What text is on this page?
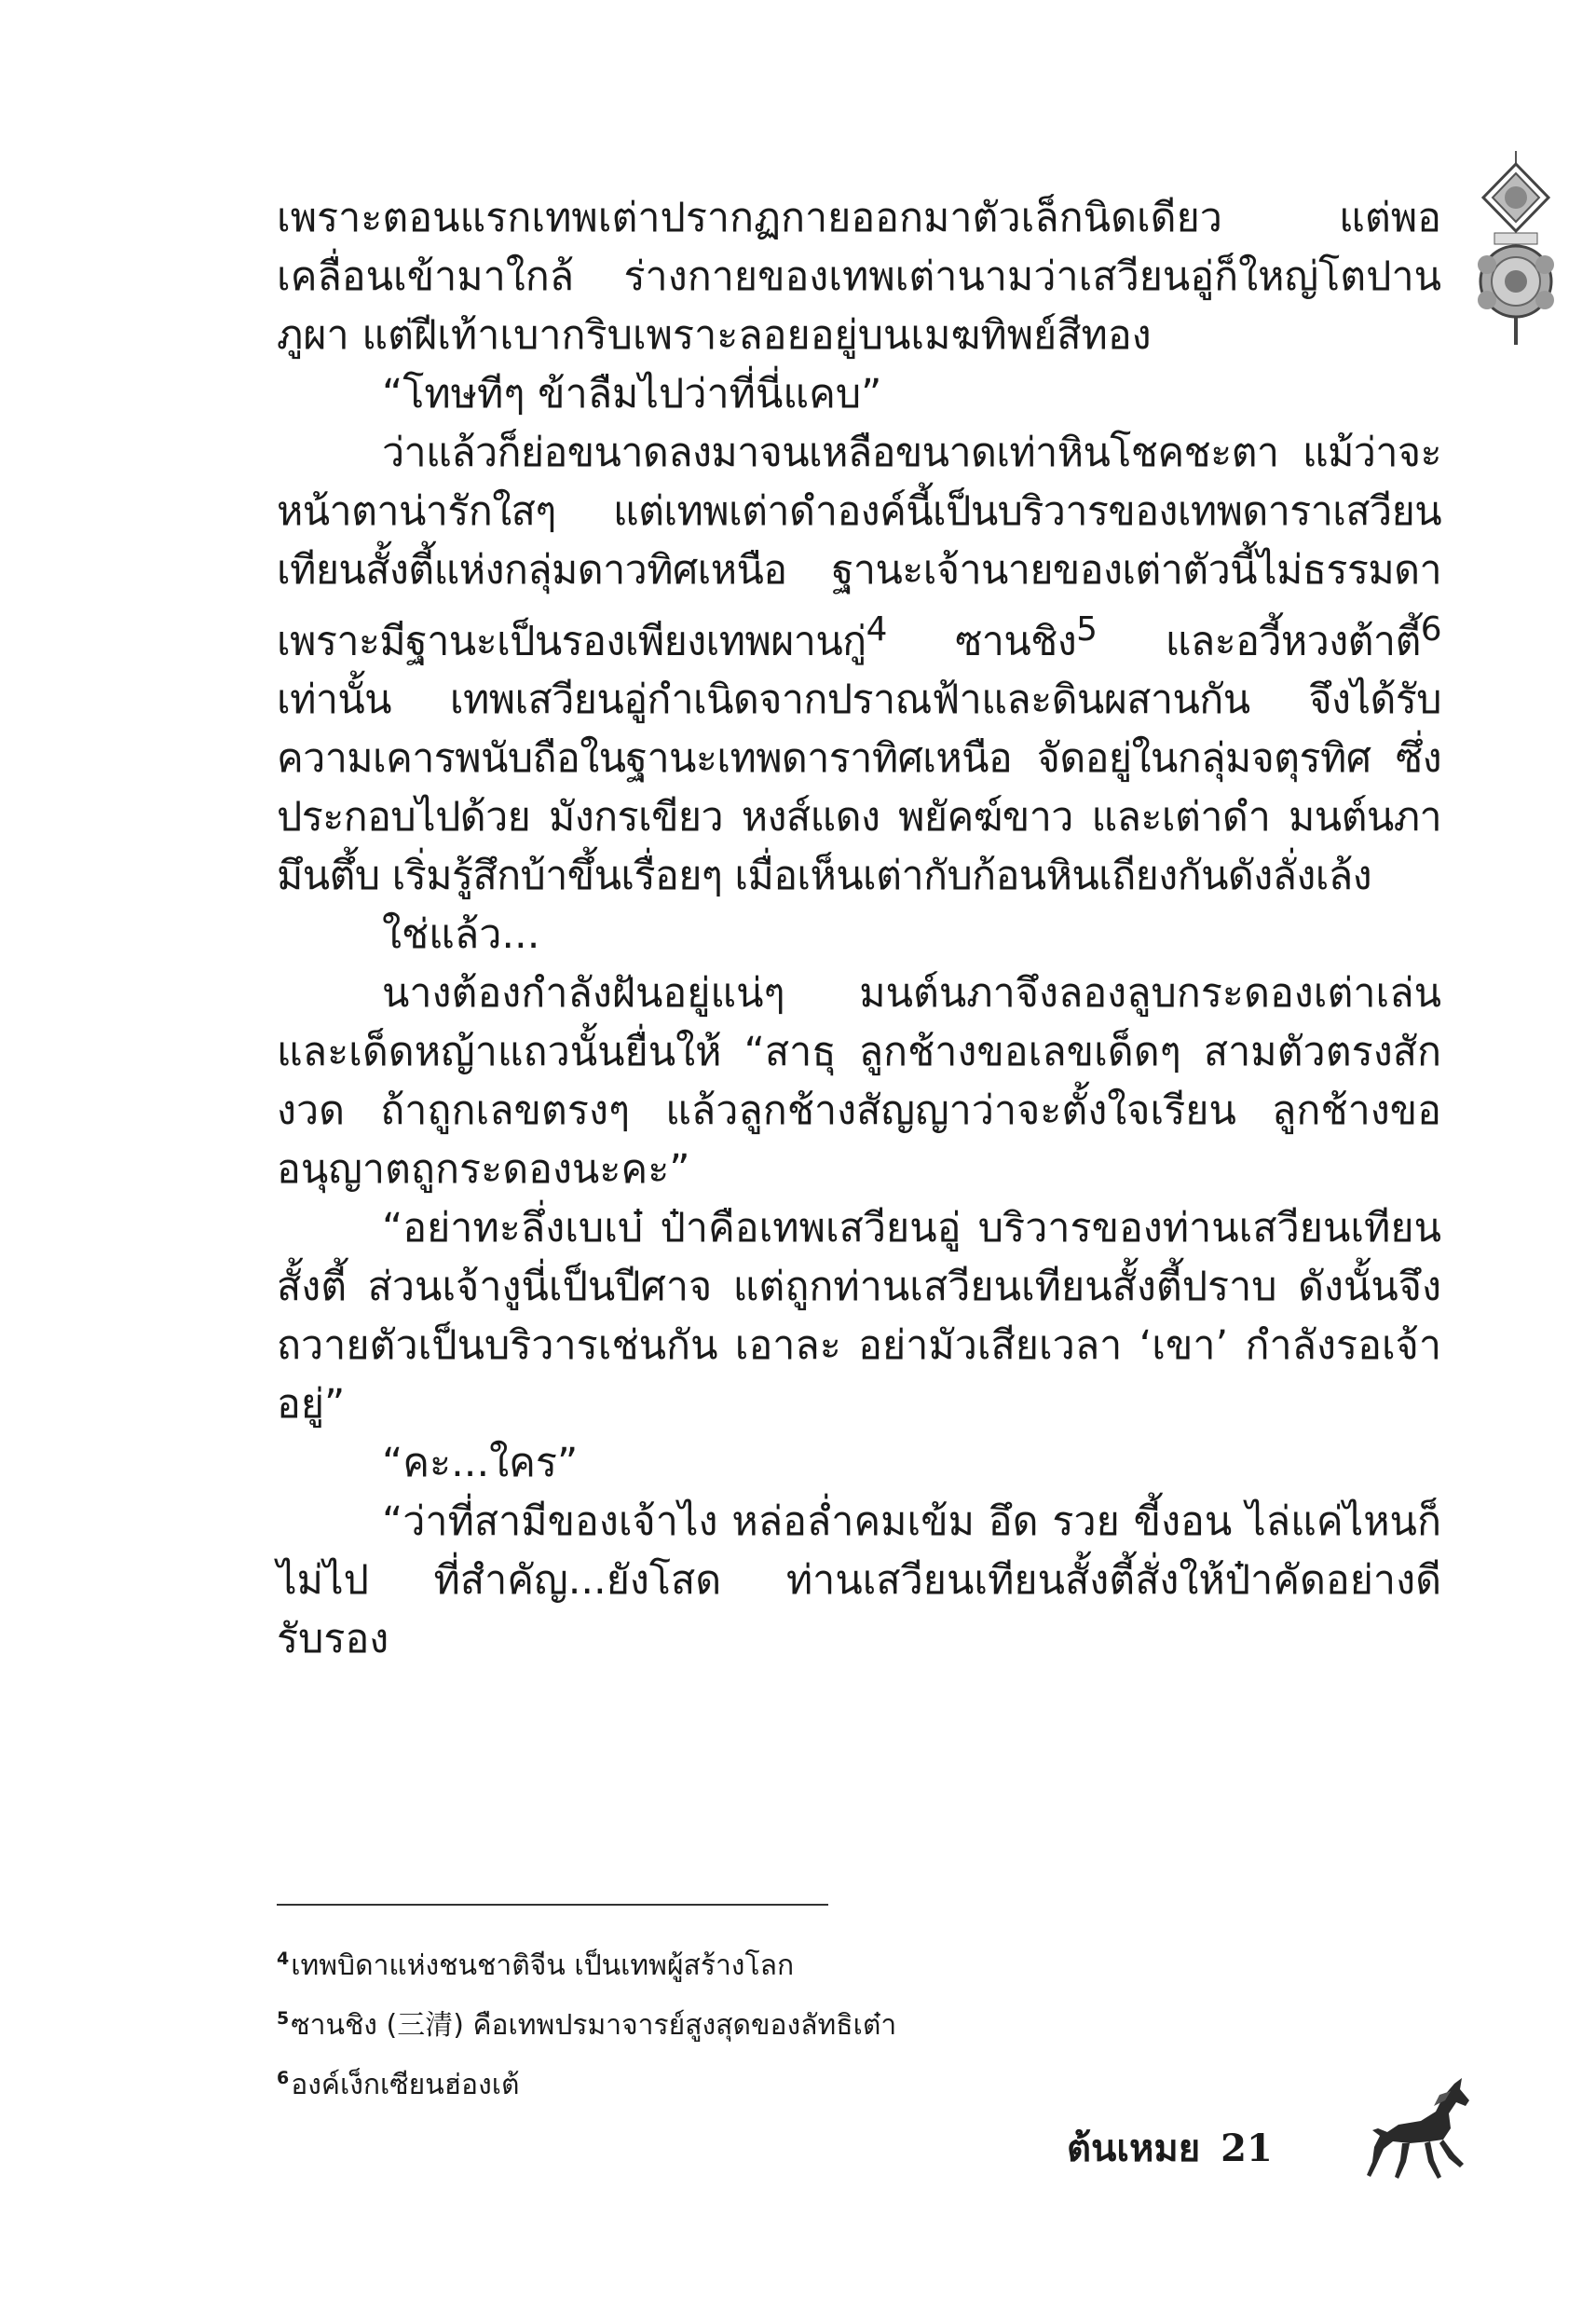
เพราะตอนแรกเทพเต่าปรากฏกายออกมาตัวเล็กนิดเดียว แต่พอเคลื่อนเข้ามาใกล้ ร่างกายของเทพเต่านามว่าเสวียนอู่ก็ใหญ่โตปานภูผา แต่ฝีเท้าเบากริบเพราะลอยอยู่บนเมฆทิพย์สีทอง

“โทษทีๆ ข้าลืมไปว่าที่นี่แคบ”

ว่าแล้วก็ย่อขนาดลงมาจนเหลือขนาดเท่าหินโชคชะตา แม้ว่าจะหน้าตาน่ารักใสๆ แต่เทพเต่าดำองค์นี้เป็นบริวารของเทพดาราเสวียนเทียนสั้งตี้แห่งกลุ่มดาวทิศเหนือ ฐานะเจ้านายของเต่าตัวนี้ไม่ธรรมดาเพราะมีฐานะเป็นรองเพียงเทพผานกู่$^4$ ซานชิง$^5$ และอวี้หวงต้าตี้$^6$ เท่านั้น เทพเสวียนอู่กำเนิดจากปราณฟ้าและดินผสานกัน จึงได้รับความเคารพนับถือในฐานะเทพดาราทิศเหนือ จัดอยู่ในกลุ่มจตุรทิศ ซึ่งประกอบไปด้วย มังกรเขียว หงส์แดง พยัคฆ์ขาว และเต่าดำ มนต์นภามึนตึ้บ เริ่มรู้สึกบ้าขึ้นเรื่อยๆ เมื่อเห็นเต่ากับก้อนหินเถียงกันดังลั่งเล้ง

ใช่แล้ว...

นางต้องกำลังฝันอยู่แน่ๆ มนต์นภาจึงลองลูบกระดองเต่าเล่นและเด็ดหญ้าแถวนั้นยื่นให้ “สาธุ ลูกช้างขอเลขเด็ดๆ สามตัวตรงสักงวด ถ้าถูกเลขตรงๆ แล้วลูกช้างสัญญาว่าจะตั้งใจเรียน ลูกช้างขออนุญาตถูกระดองนะคะ”

“อย่าทะลึ่งเบเบ๋ ป๋าคือเทพเสวียนอู่ บริวารของท่านเสวียนเทียนสั้งตี้ ส่วนเจ้างูนี่เป็นปีศาจ แต่ถูกท่านเสวียนเทียนสั้งตี้ปราบ ดังนั้นจึงถวายตัวเป็นบริวารเช่นกัน เอาละ อย่ามัวเสียเวลา ‘เขา’ กำลังรอเจ้าอยู่”

“คะ...ใคร”

“ว่าที่สามีของเจ้าไง หล่อล่ำคมเข้ม อึด รวย ขี้งอน ไล่แค่ไหนก็ไม่ไป ที่สำคัญ...ยังโสด ท่านเสวียนเทียนสั้งตี้สั่งให้ป๋าคัดอย่างดี รับรอง

$^4$เทพบิดาแห่งชนชาติจีน เป็นเทพผู้สร้างโลก
$^5$ซานชิง (三清) คือเทพปรมาจารย์สูงสุดของลัทธิเต๋า
$^6$องค์เง็กเซียนฮ่องเต้
ต้นเหมย 21
